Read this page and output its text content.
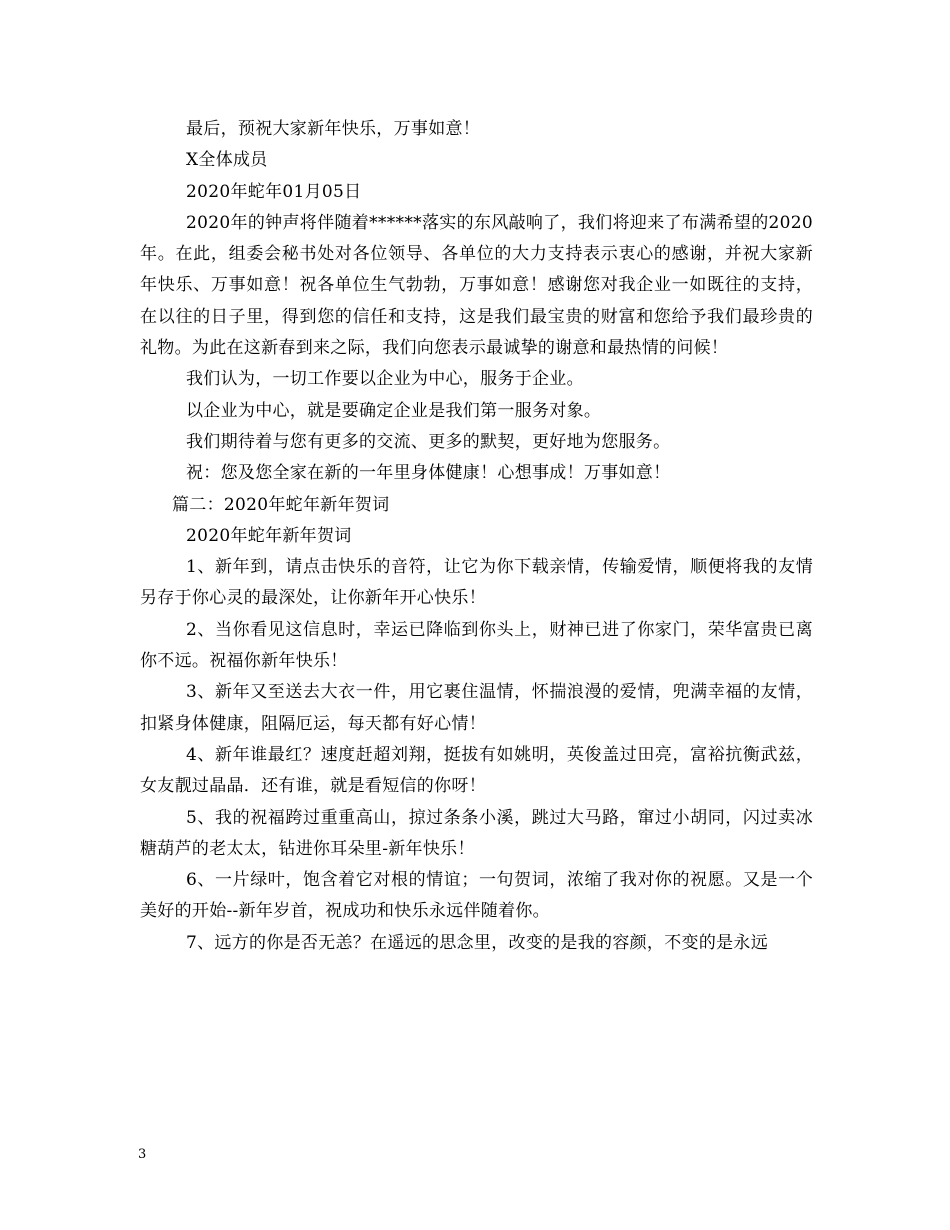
最后，预祝大家新年快乐，万事如意！

X全体成员

2020年蛇年01月05日

2020年的钟声将伴随着******落实的东风敲响了，我们将迎来了布满希望的2020年。在此，组委会秘书处对各位领导、各单位的大力支持表示衷心的感谢，并祝大家新年快乐、万事如意！祝各单位生气勃勃，万事如意！感谢您对我企业一如既往的支持，在以往的日子里，得到您的信任和支持，这是我们最宝贵的财富和您给予我们最珍贵的礼物。为此在这新春到来之际，我们向您表示最诚挚的谢意和最热情的问候！

我们认为，一切工作要以企业为中心，服务于企业。

以企业为中心，就是要确定企业是我们第一服务对象。

我们期待着与您有更多的交流、更多的默契，更好地为您服务。

祝：您及您全家在新的一年里身体健康！心想事成！万事如意！

篇二：2020年蛇年新年贺词

2020年蛇年新年贺词

1、新年到，请点击快乐的音符，让它为你下载亲情，传输爱情，顺便将我的友情另存于你心灵的最深处，让你新年开心快乐！

2、当你看见这信息时，幸运已降临到你头上，财神已进了你家门，荣华富贵已离你不远。祝福你新年快乐！

3、新年又至送去大衣一件，用它裹住温情，怀揣浪漫的爱情，兜满幸福的友情，扣紧身体健康，阻隔厄运，每天都有好心情！

4、新年谁最红？速度赶超刘翔，挺拔有如姚明，英俊盖过田亮，富裕抗衡武兹，女友靓过晶晶．还有谁，就是看短信的你呀！

5、我的祝福跨过重重高山，掠过条条小溪，跳过大马路，窜过小胡同，闪过卖冰糖葫芦的老太太，钻进你耳朵里-新年快乐！

6、一片绿叶，饱含着它对根的情谊；一句贺词，浓缩了我对你的祝愿。又是一个美好的开始--新年岁首，祝成功和快乐永远伴随着你。

7、远方的你是否无恙？在遥远的思念里，改变的是我的容颜，不变的是永远

3
